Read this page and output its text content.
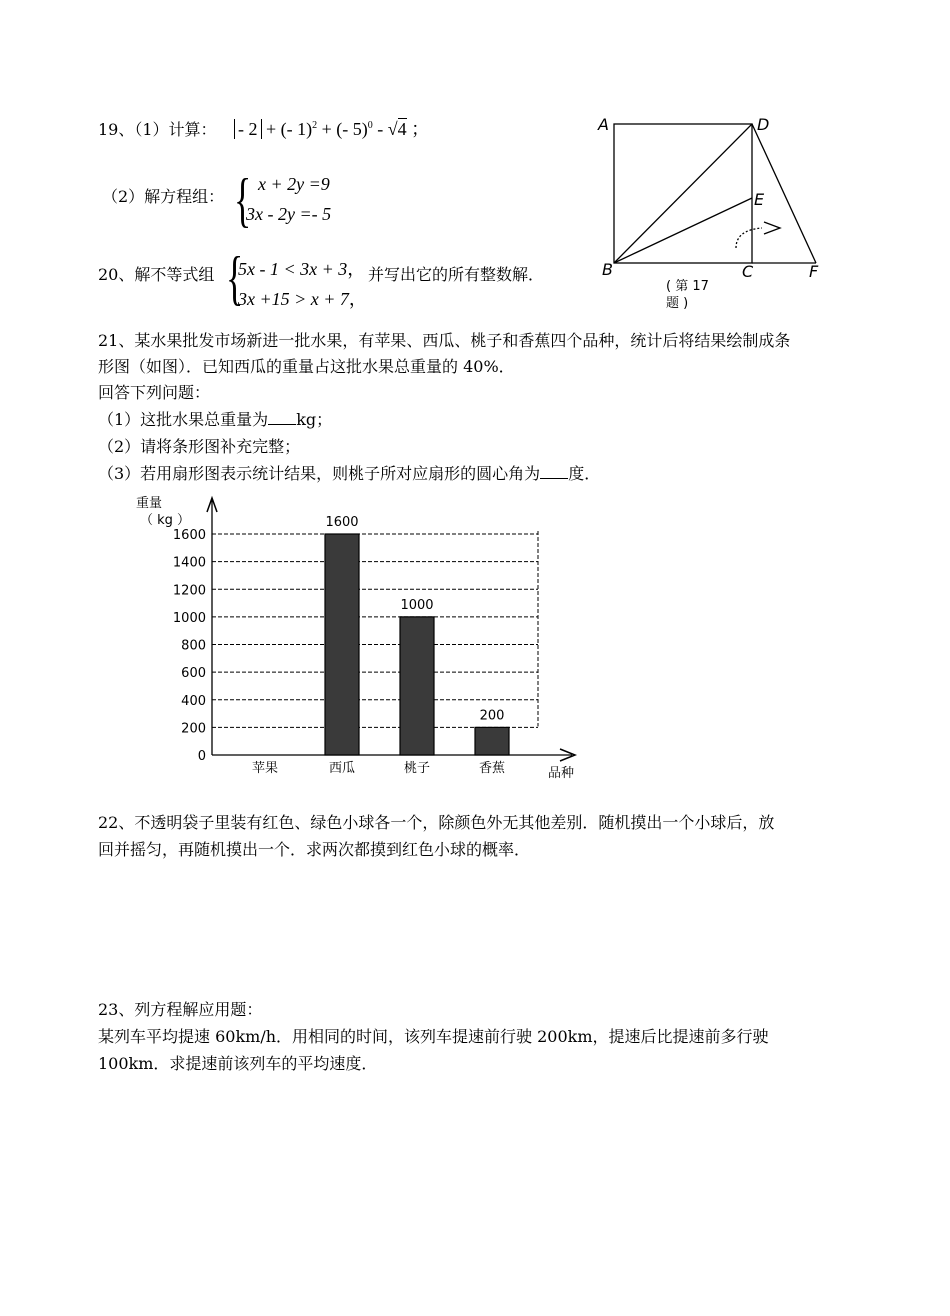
19、（1）计算： - 2 + (- 1)$^2$ + (- 5)$^0$ - √4 ；
（2）解方程组： { x + 2y =9
3x - 2y =- 5
20、解不等式组 {
5x - 1 < 3x + 3， 并写出它的所有整数解．
3x +15 > x + 7，
A	D
E
B	C	F
( 第 17
题 )
21、某水果批发市场新进一批水果，有苹果、西瓜、桃子和香蕉四个品种，统计后将结果绘制成条
形图（如图）．已知西瓜的重量占这批水果总重量的 40%．
回答下列问题：
（1）这批水果总重量为 kg；
（2）请将条形图补充完整；
（3）若用扇形图表示统计结果，则桃子所对应扇形的圆心角为 度．
0
200
400
600
800
1000
1200
1400
1600
苹果
1600
西瓜
1000
桃子
200
香蕉
重量
（ kg ）
品种
22、不透明袋子里装有红色、绿色小球各一个，除颜色外无其他差别．随机摸出一个小球后，放
回并摇匀，再随机摸出一个．求两次都摸到红色小球的概率．
23、列方程解应用题：
某列车平均提速 60km/h．用相同的时间，该列车提速前行驶 200km，提速后比提速前多行驶
100km．求提速前该列车的平均速度．
